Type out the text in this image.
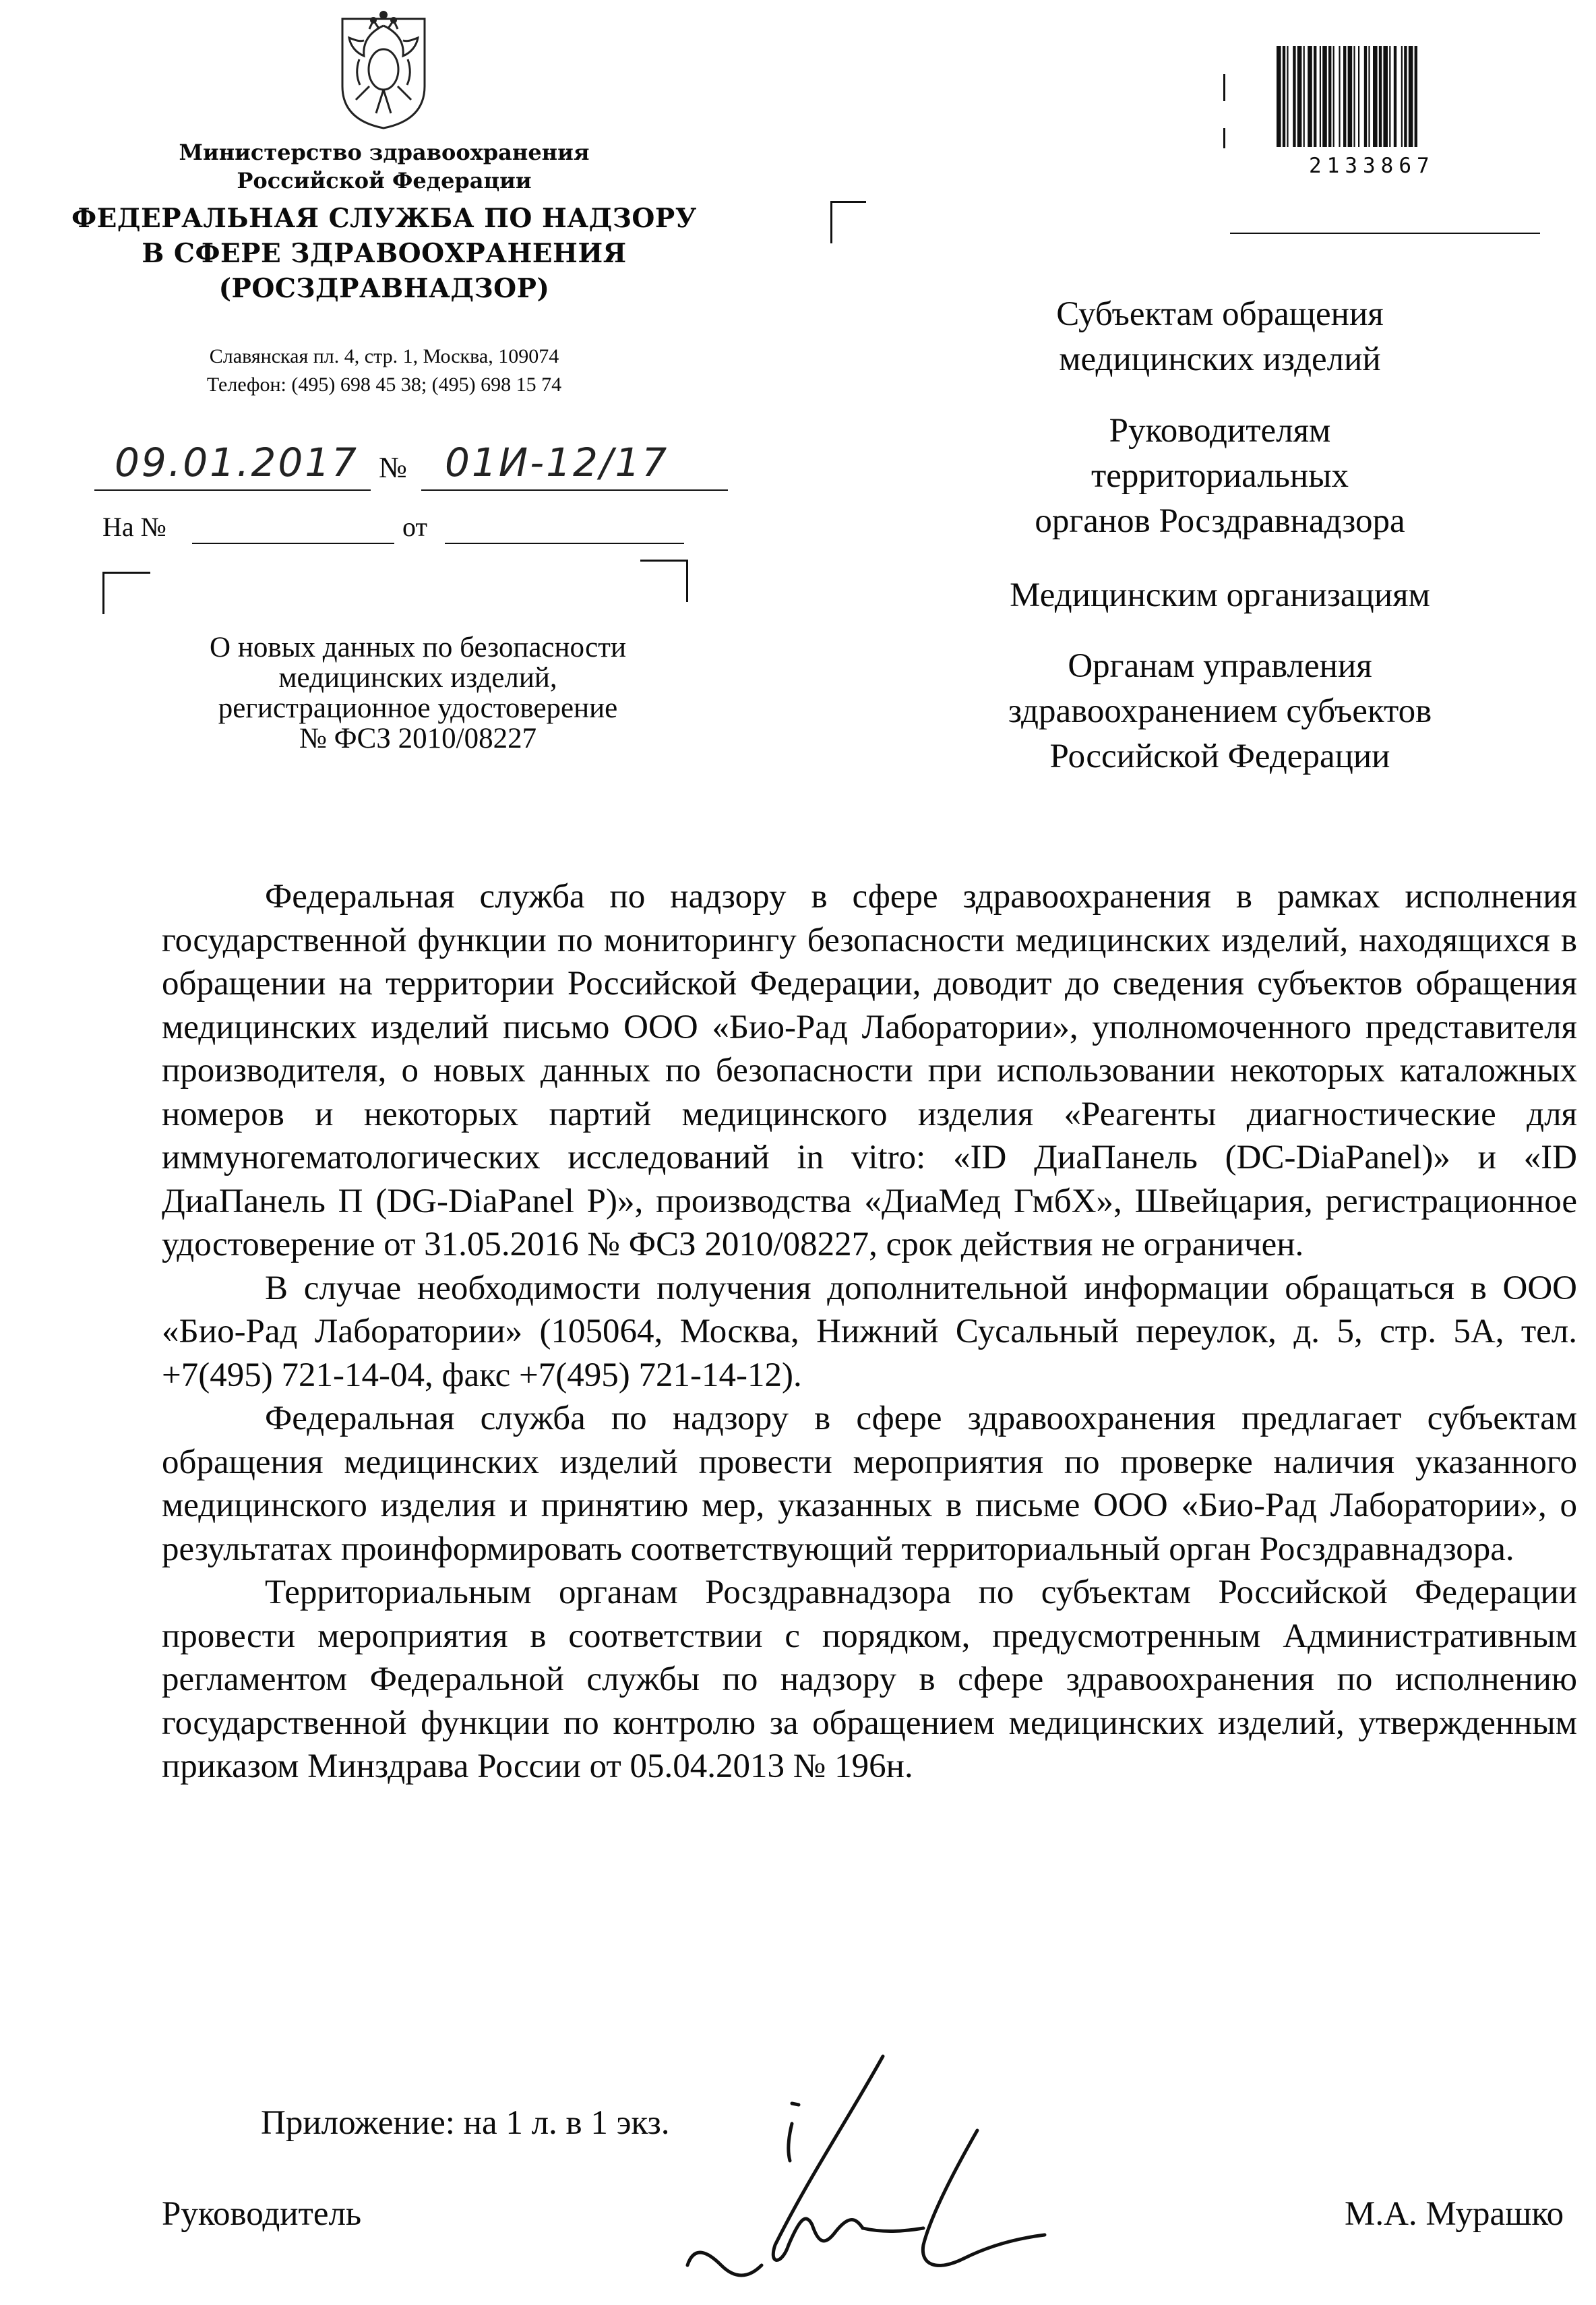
Министерство здравоохранения
Российской Федерации
ФЕДЕРАЛЬНАЯ СЛУЖБА ПО НАДЗОРУ
В СФЕРЕ ЗДРАВООХРАНЕНИЯ
(РОСЗДРАВНАДЗОР)
Славянская пл. 4, стр. 1, Москва, 109074
Телефон: (495) 698 45 38; (495) 698 15 74
09.01.2017 № 01И-12/17
На №	от
О новых данных по безопасности
медицинских изделий,
регистрационное удостоверение
№ ФСЗ 2010/08227
2133867
Субъектам обращения
медицинских изделий
Руководителям
территориальных
органов Росздравнадзора
Медицинским организациям
Органам управления
здравоохранением субъектов
Российской Федерации

Федеральная служба по надзору в сфере здравоохранения в рамках исполнения государственной функции по мониторингу безопасности медицинских изделий, находящихся в обращении на территории Российской Федерации, доводит до сведения субъектов обращения медицинских изделий письмо ООО «Био-Рад Лаборатории», уполномоченного представителя производителя, о новых данных по безопасности при использовании некоторых каталожных номеров и некоторых партий медицинского изделия «Реагенты диагностические для иммуногематологических исследований in vitro: «ID ДиаПанель (DC-DiaPanel)» и «ID ДиаПанель П (DG-DiaPanel P)», производства «ДиаМед ГмбХ», Швейцария, регистрационное удостоверение от 31.05.2016 № ФСЗ 2010/08227, срок действия не ограничен.

В случае необходимости получения дополнительной информации обращаться в ООО «Био-Рад Лаборатории» (105064, Москва, Нижний Сусальный переулок, д. 5, стр. 5А, тел. +7(495) 721-14-04, факс +7(495) 721-14-12).

Федеральная служба по надзору в сфере здравоохранения предлагает субъектам обращения медицинских изделий провести мероприятия по проверке наличия указанного медицинского изделия и принятию мер, указанных в письме ООО «Био-Рад Лаборатории», о результатах проинформировать соответствующий территориальный орган Росздравнадзора.

Территориальным органам Росздравнадзора по субъектам Российской Федерации провести мероприятия в соответствии с порядком, предусмотренным Административным регламентом Федеральной службы по надзору в сфере здравоохранения по исполнению государственной функции по контролю за обращением медицинских изделий, утвержденным приказом Минздрава России от 05.04.2013 № 196н.

Приложение: на 1 л. в 1 экз.
Руководитель	М.А. Мурашко
